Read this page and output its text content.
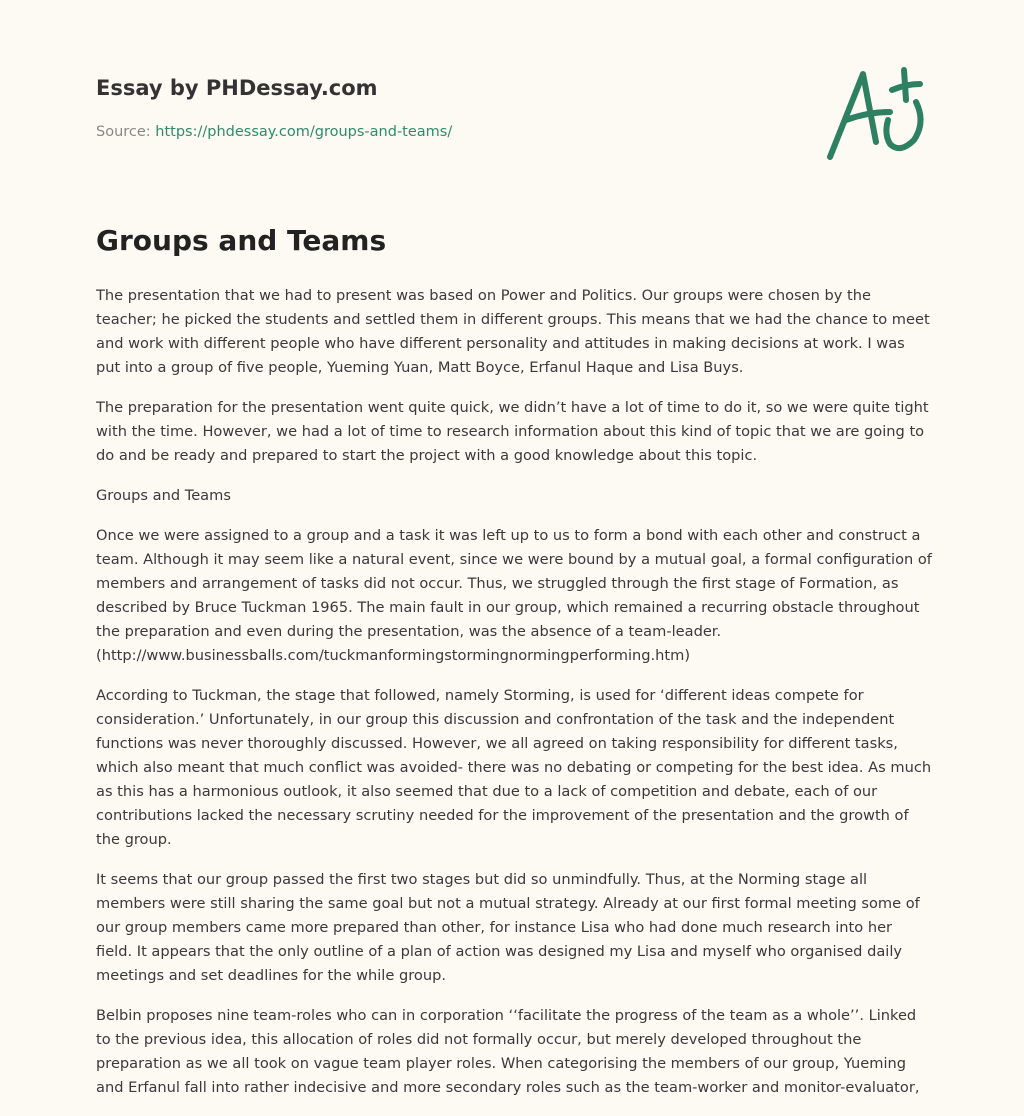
Essay by PHDessay.com
Source: https://phdessay.com/groups-and-teams/
Groups and Teams

The presentation that we had to present was based on Power and Politics. Our groups were chosen by the teacher; he picked the students and settled them in different groups. This means that we had the chance to meet and work with different people who have different personality and attitudes in making decisions at work. I was put into a group of five people, Yueming Yuan, Matt Boyce, Erfanul Haque and Lisa Buys.

The preparation for the presentation went quite quick, we didn’t have a lot of time to do it, so we were quite tight with the time. However, we had a lot of time to research information about this kind of topic that we are going to do and be ready and prepared to start the project with a good knowledge about this topic.

Groups and Teams

Once we were assigned to a group and a task it was left up to us to form a bond with each other and construct a team. Although it may seem like a natural event, since we were bound by a mutual goal, a formal configuration of members and arrangement of tasks did not occur. Thus, we struggled through the first stage of Formation, as described by Bruce Tuckman 1965. The main fault in our group, which remained a recurring obstacle throughout the preparation and even during the presentation, was the absence of a team-leader. (http://www.businessballs.com/tuckmanformingstormingnormingperforming.htm)

According to Tuckman, the stage that followed, namely Storming, is used for ‘different ideas compete for consideration.’ Unfortunately, in our group this discussion and confrontation of the task and the independent functions was never thoroughly discussed. However, we all agreed on taking responsibility for different tasks, which also meant that much conflict was avoided- there was no debating or competing for the best idea. As much as this has a harmonious outlook, it also seemed that due to a lack of competition and debate, each of our contributions lacked the necessary scrutiny needed for the improvement of the presentation and the growth of the group.

It seems that our group passed the first two stages but did so unmindfully. Thus, at the Norming stage all members were still sharing the same goal but not a mutual strategy. Already at our first formal meeting some of our group members came more prepared than other, for instance Lisa who had done much research into her field. It appears that the only outline of a plan of action was designed my Lisa and myself who organised daily meetings and set deadlines for the while group.

Belbin proposes nine team-roles who can in corporation ‘‘facilitate the progress of the team as a whole’’. Linked to the previous idea, this allocation of roles did not formally occur, but merely developed throughout the preparation as we all took on vague team player roles. When categorising the members of our group, Yueming and Erfanul fall into rather indecisive and more secondary roles such as the team-worker and monitor-evaluator,
